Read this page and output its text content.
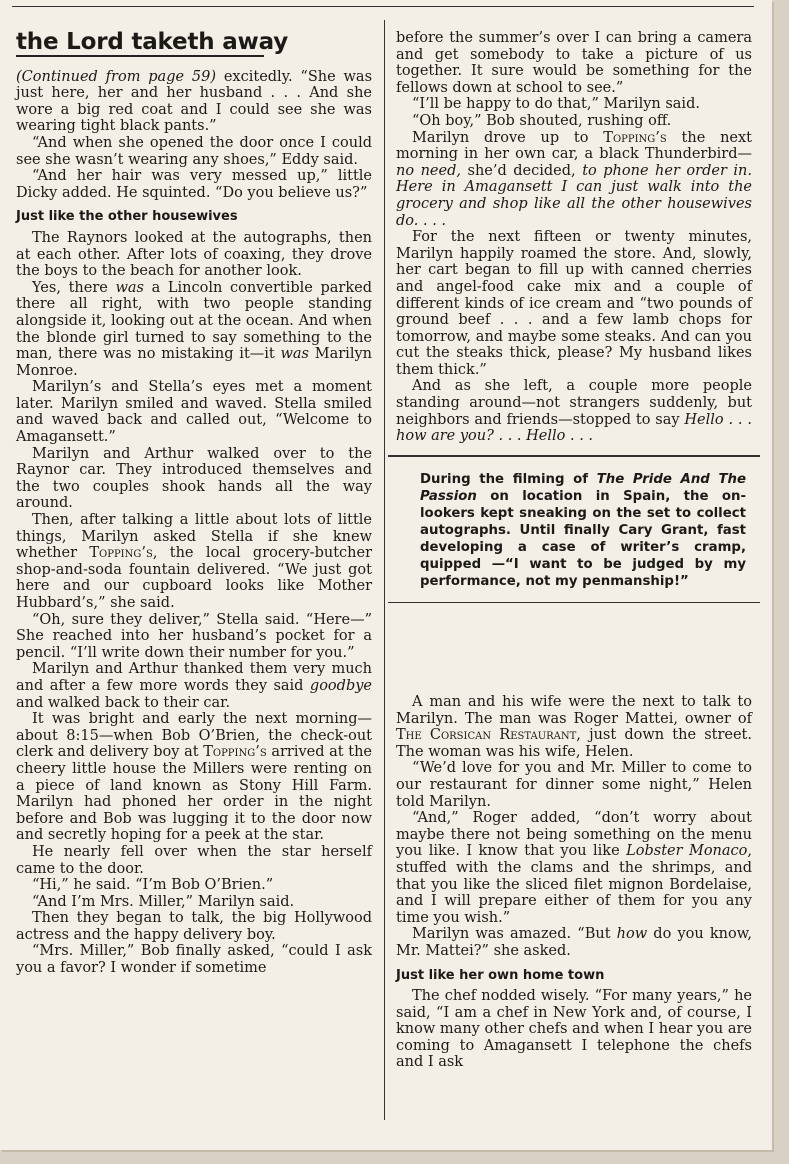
the Lord taketh away

(Continued from page 59) excitedly. “She was just here, her and her husband . . . And she wore a big red coat and I could see she was wearing tight black pants.”

“And when she opened the door once I could see she wasn’t wearing any shoes,” Eddy said.

“And her hair was very messed up,” little Dicky added. He squinted. “Do you believe us?”

Just like the other housewives

The Raynors looked at the autographs, then at each other. After lots of coaxing, they drove the boys to the beach for another look.

Yes, there was a Lincoln convertible parked there all right, with two people standing alongside it, looking out at the ocean. And when the blonde girl turned to say something to the man, there was no mistaking it—it was Marilyn Monroe.

Marilyn’s and Stella’s eyes met a moment later. Marilyn smiled and waved. Stella smiled and waved back and called out, “Welcome to Amagansett.”

Marilyn and Arthur walked over to the Raynor car. They introduced themselves and the two couples shook hands all the way around.

Then, after talking a little about lots of little things, Marilyn asked Stella if she knew whether Topping’s, the local grocery-butcher shop-and-soda fountain delivered. “We just got here and our cupboard looks like Mother Hubbard’s,” she said.

“Oh, sure they deliver,” Stella said. “Here—” She reached into her husband’s pocket for a pencil. “I’ll write down their number for you.”

Marilyn and Arthur thanked them very much and after a few more words they said goodbye and walked back to their car.

It was bright and early the next morning—about 8:15—when Bob O’Brien, the check-out clerk and delivery boy at Topping’s arrived at the cheery little house the Millers were renting on a piece of land known as Stony Hill Farm. Marilyn had phoned her order in the night before and Bob was lugging it to the door now and secretly hoping for a peek at the star.

He nearly fell over when the star herself came to the door.

“Hi,” he said. “I’m Bob O’Brien.”

“And I’m Mrs. Miller,” Marilyn said.

Then they began to talk, the big Hollywood actress and the happy delivery boy.

“Mrs. Miller,” Bob finally asked, “could I ask you a favor? I wonder if sometime

before the summer’s over I can bring a camera and get somebody to take a picture of us together. It sure would be something for the fellows down at school to see.”

“I’ll be happy to do that,” Marilyn said.

“Oh boy,” Bob shouted, rushing off.

Marilyn drove up to Topping’s the next morning in her own car, a black Thunderbird—no need, she’d decided, to phone her order in. Here in Amagansett I can just walk into the grocery and shop like all the other housewives do. . . .

For the next fifteen or twenty minutes, Marilyn happily roamed the store. And, slowly, her cart began to fill up with canned cherries and angel-food cake mix and a couple of different kinds of ice cream and “two pounds of ground beef . . . and a few lamb chops for tomorrow, and maybe some steaks. And can you cut the steaks thick, please? My husband likes them thick.”

And as she left, a couple more people standing around—not strangers suddenly, but neighbors and friends—stopped to say Hello . . . how are you? . . . Hello . . .

During the filming of The Pride And The Passion on location in Spain, the on-lookers kept sneaking on the set to collect autographs. Until finally Cary Grant, fast developing a case of writer’s cramp, quipped —“I want to be judged by my performance, not my penmanship!”

A man and his wife were the next to talk to Marilyn. The man was Roger Mattei, owner of The Corsican Restaurant, just down the street. The woman was his wife, Helen.

“We’d love for you and Mr. Miller to come to our restaurant for dinner some night,” Helen told Marilyn.

“And,” Roger added, “don’t worry about maybe there not being something on the menu you like. I know that you like Lobster Monaco, stuffed with the clams and the shrimps, and that you like the sliced filet mignon Bordelaise, and I will prepare either of them for you any time you wish.”

Marilyn was amazed. “But how do you know, Mr. Mattei?” she asked.

Just like her own home town

The chef nodded wisely. “For many years,” he said, “I am a chef in New York and, of course, I know many other chefs and when I hear you are coming to Amagansett I telephone the chefs and I ask
